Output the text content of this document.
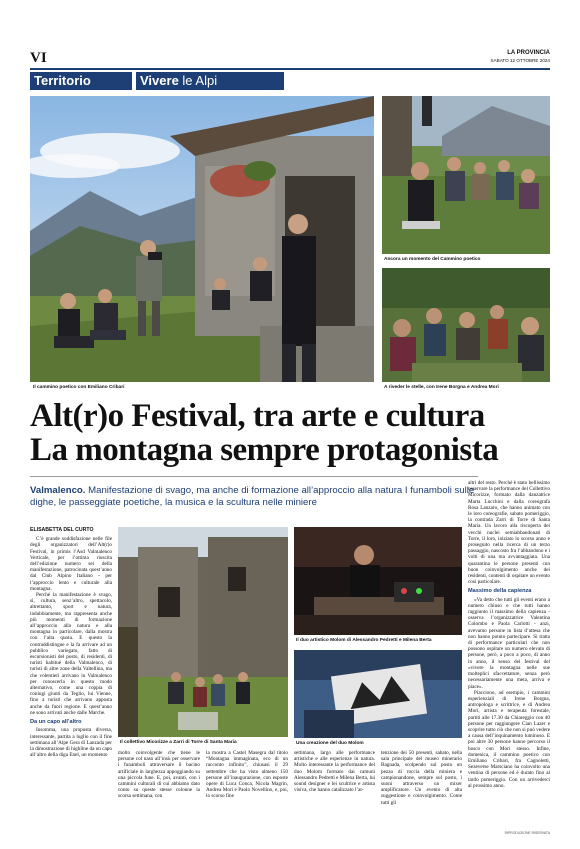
VI	LA PROVINCIA
SABATO 12 OTTOBRE 2024
Territorio	Vivere le Alpi
Il cammino poetico con Emiliano Cribari
Ancora un momento del Cammino poetico
A riveder le stelle, con Irene Borgna e Andrea Mori
Alt(r)o Festival, tra arte e cultura
La montagna sempre protagonista
Valmalenco. Manifestazione di svago, ma anche di formazione all’approccio alla natura I funamboli sulle dighe, le passeggiate poetiche, la musica e la scultura nelle miniere
ELISABETTA DEL CURTO

C’è grande soddisfazione nelle file degli organizzatori dell’Alt(r)o Festival, in primis l’Asd Valmalenco Verticale, per l’ottima riuscita dell’edizione numero sei della manifestazione, patrocinata quest’anno dal Club Alpino Italiano - per l’approccio lento e culturale alla montagna.

Perché la manifestazione è svago, sì, cultura, senz’altro, spettacolo, altrettanto, sport e natura, indubbiamente, ma rappresenta anche più momenti di formazione all’approccio alla natura e alla montagna in particolare, dalla mostra con l’alta quota. E questo la contraddistingue e la fa arrivare ad un pubblico variegato, fatto di escursionisti del posto, di residenti, di turisti habitué della Valmalenco, di turisti di altre zone della Valtellina, ma che volentieri arrivano in Valmalenco per conoscerla in questo modo alternativo, come una coppia di coniugi giunti da Teglio, lui Vienne, fino a turisti che arrivano apposta anche da fuori regione. E quest’anno ne sono arrivati anche dalle Marche.

Da un capo all’altro

Insomma, una proposta diversa, interessante, partita a luglio con il fine settimana all’Alpe Gera di Lanzada per la dimostrazione di highline da un capo all’altro della diga Enel, un momento

Il collettivo Micorizze a Zarri di Torre di Santa Maria
Il duo artistico Molom di Alessandro Pedretti e Milena Berta
Una creazione del duo Molom

molto coinvolgente che tiene le persone col naso all’insù per osservare i funamboli attraversare il bacino artificiale in larghezza appoggiando su una piccola fune. E, poi, avanti, con i cammini culturali di cui abbiamo dato conto su queste stesse colonne la scorsa settimana, con

la mostra a Castel Masegra dal titolo “Montagna immaginata, eco di un racconto infinito”, chiusasi il 29 settembre che ha visto almeno 150 persone all’inaugurazione, con esposte opere di Luca Conca, Nicola Magrin, Andrea Mori e Paolo Novellino, e, poi, lo scorso fine

settimana, largo alle performance artistiche e alle esperienze in natura. Molto interessante la performance del duo Molom formato dai camuni Alessandro Pedretti e Milena Berta, lui sound designer e lei scultrice e artista visiva, che hanno catalizzato l’at-

tenzione dei 50 presenti, sabato, nella sala principale del museo minerario Bagnada, scolpendo sul posto un pezzo di roccia della miniera e campionandone, sempre sul posto, i suoni attraverso un mixer amplificatore. Un evento di alta suggestione e coinvolgimento. Come tutti gli

altri del resto. Perché è stato bellissimo osservare la performance del Collettivo Micorizze, formato dalla danzatrice Marta Lucchini e dalla coreografa Rosa Lanzaro, che hanno animato con le loro coreografie, sabato pomeriggio, la contrada Zarri di Torre di Santa Maria. Un lavoro alla riscoperta dei vecchi nuclei semiabbandonati di Torre, il loro, iniziato lo scorso anno e proseguito nella ricerca di un terzo passaggio, nascosto fra l’abbandono e i volti di una ma avvantaggiata. Una quarantina le persone presenti con buon coinvolgimento anche dei residenti, contenti di ospitare un evento così particolare.

Massimo della capienza

«Va detto che tutti gli eventi erano a numero chiuso e che tutti hanno raggiunto il massimo della capienza - osserva l’organizzatrice Valentina Colombo e Paola Carlotti - anzi, avevamo persone in lista d’attesa che non hanno potuto partecipare. Si tratta di performance particolari che non possono ospitare un numero elevato di persone, però, a poco a poco, di anno in anno, il senso del festival del «vivere la montagna nelle sue molteplici sfaccettature, senza però necessariamente una meta, arriva e piace».

Piacciono, ad esempio, i cammini esperienziali di Irene Borgna, antropologa e scrittrice, e di Andrea Mori, artista e terapeuta forestale, partiti alle 17.30 da Chiareggio con 40 persone per raggiungere Cian Lazer e scoprire tutto ciò che non si può vedere a causa dell’inquinamento luminoso. E poi altre 30 persone hanno percorso il bosco con Mori stesso. Infine, domenica, il cammino poetico con Emiliano Cribari, fra Cagnoletti, Sezeverse Marsciano ha coinvolto una ventina di persone ed è durato fino al tardo pomeriggio. Con un arrivederci al prossimo anno.

RIPRODUZIONE RISERVATA
